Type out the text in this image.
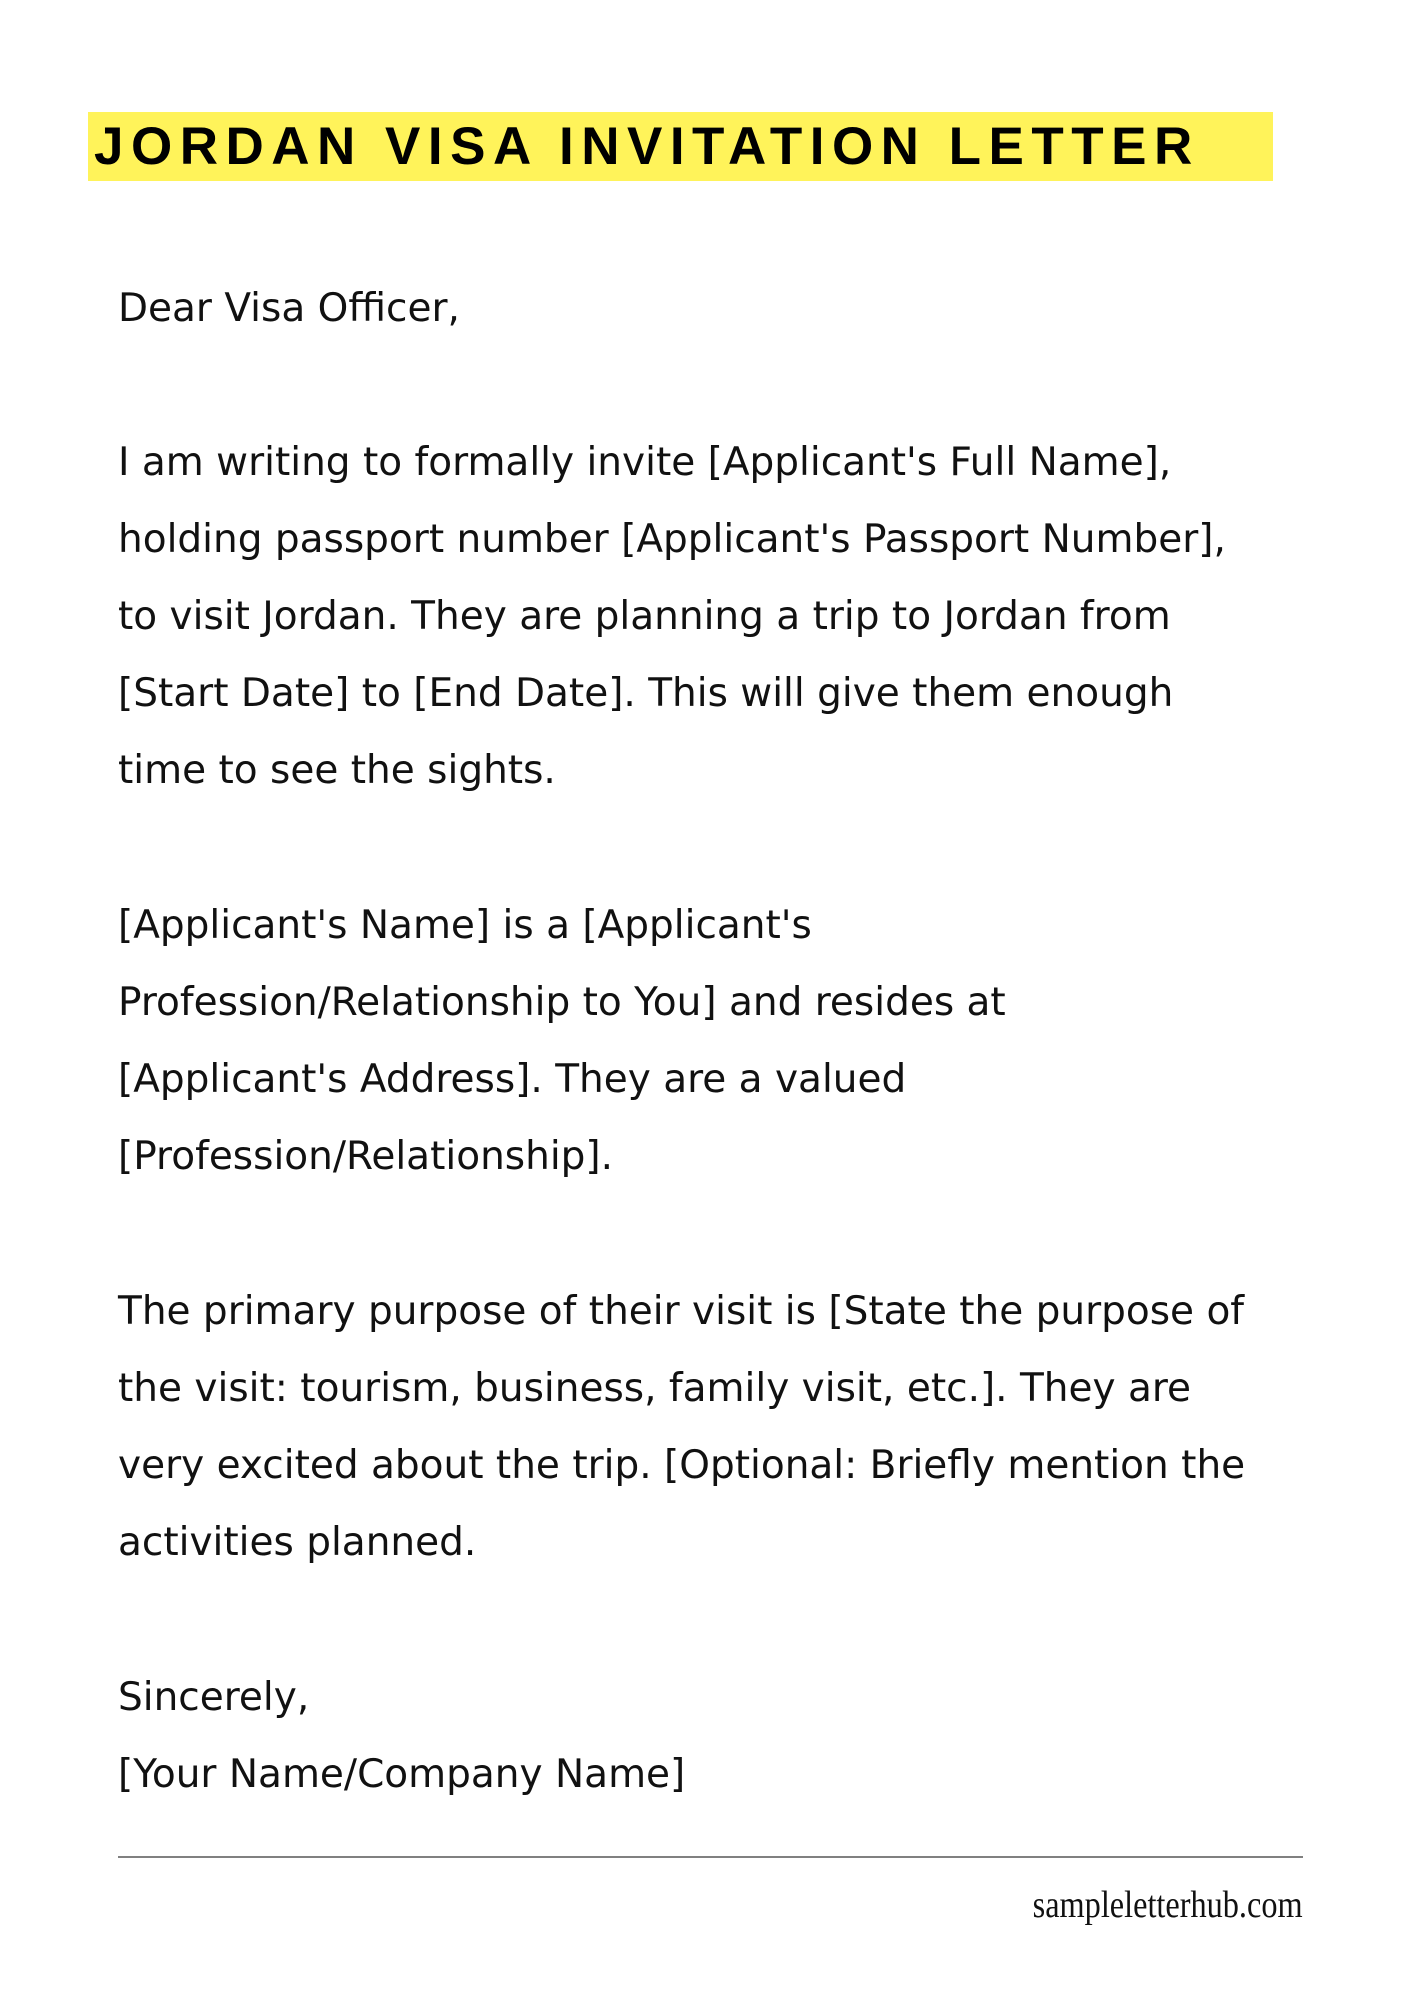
JORDAN VISA INVITATION LETTER
Dear Visa Officer,
I am writing to formally invite [Applicant's Full Name],
holding passport number [Applicant's Passport Number],
to visit Jordan. They are planning a trip to Jordan from
[Start Date] to [End Date]. This will give them enough
time to see the sights.
[Applicant's Name] is a [Applicant's
Profession/Relationship to You] and resides at
[Applicant's Address]. They are a valued
[Profession/Relationship].
The primary purpose of their visit is [State the purpose of
the visit: tourism, business, family visit, etc.]. They are
very excited about the trip. [Optional: Briefly mention the
activities planned.
Sincerely,
[Your Name/Company Name]
sampleletterhub.com
